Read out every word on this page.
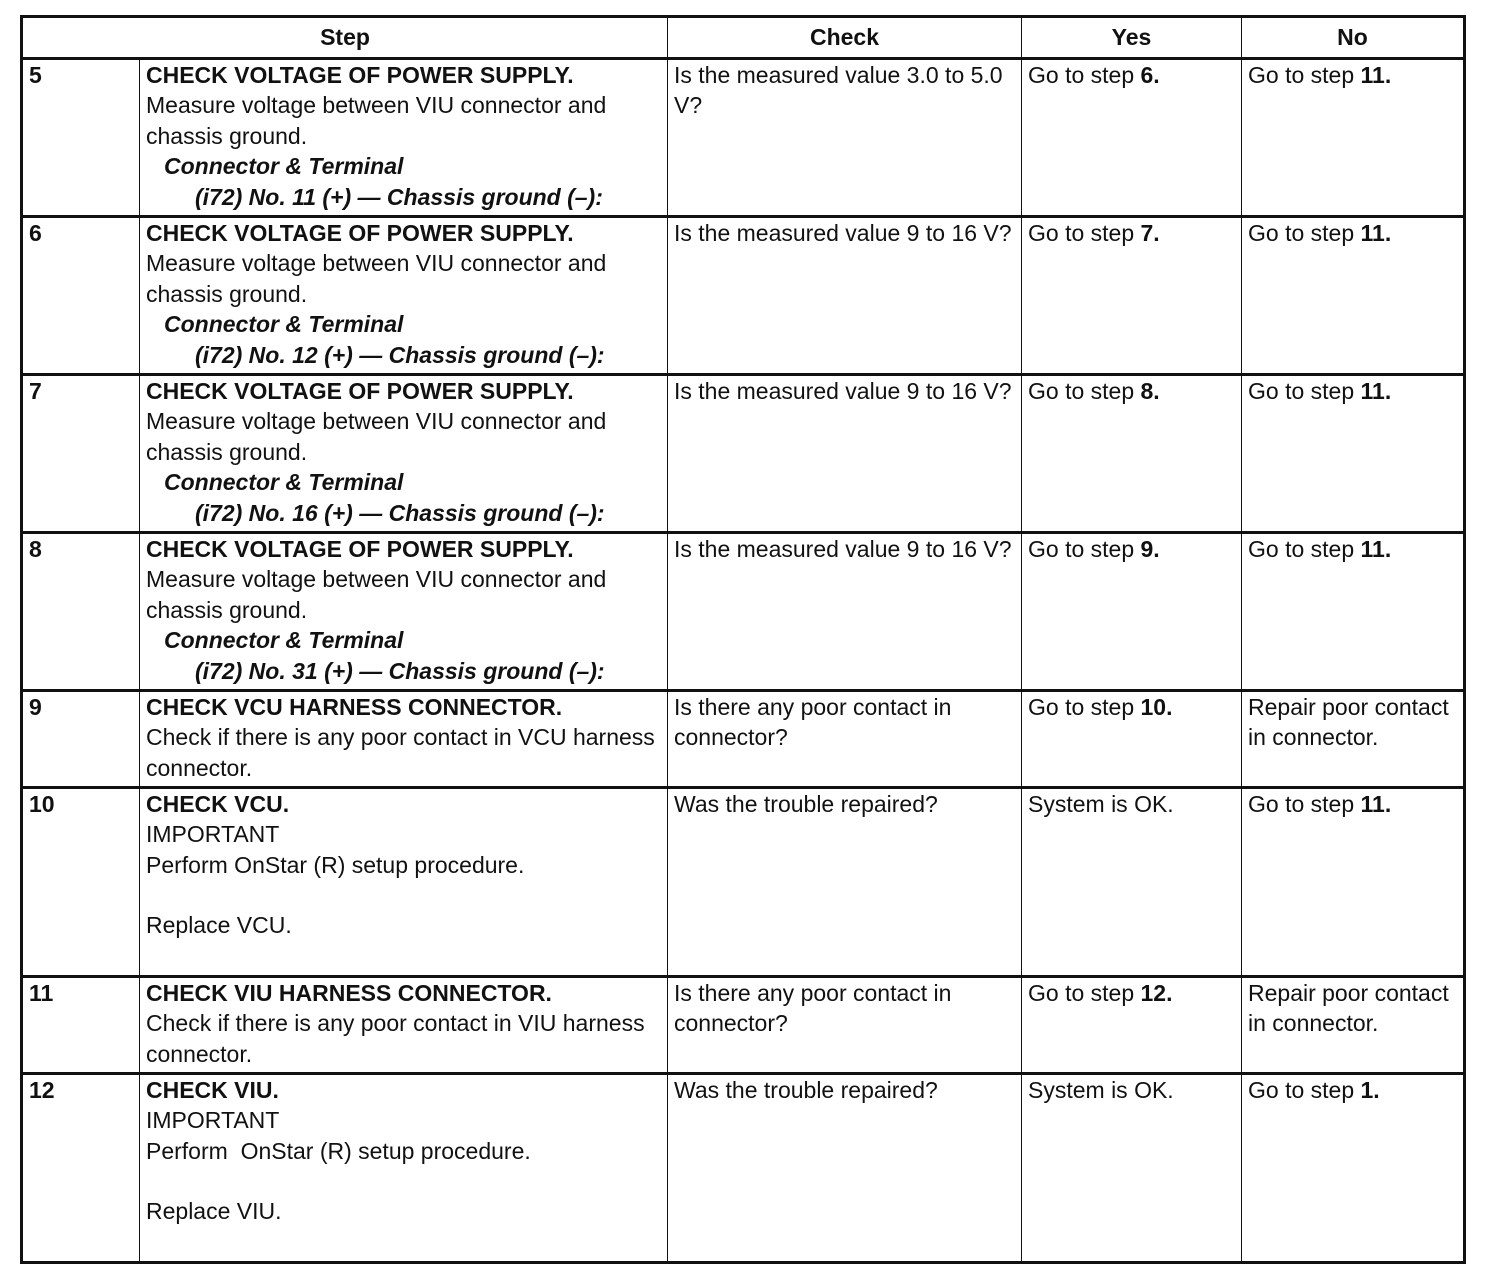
Step		Check	Yes	No
5	CHECK VOLTAGE OF POWER SUPPLY.
Measure voltage between VIU connector and chassis ground.
Connector & Terminal
(i72) No. 11 (+) — Chassis ground (–):	Is the measured value 3.0 to 5.0 V?	Go to step 6.	Go to step 11.
6	CHECK VOLTAGE OF POWER SUPPLY.
Measure voltage between VIU connector and chassis ground.
Connector & Terminal
(i72) No. 12 (+) — Chassis ground (–):	Is the measured value 9 to 16 V?	Go to step 7.	Go to step 11.
7	CHECK VOLTAGE OF POWER SUPPLY.
Measure voltage between VIU connector and chassis ground.
Connector & Terminal
(i72) No. 16 (+) — Chassis ground (–):	Is the measured value 9 to 16 V?	Go to step 8.	Go to step 11.
8	CHECK VOLTAGE OF POWER SUPPLY.
Measure voltage between VIU connector and chassis ground.
Connector & Terminal
(i72) No. 31 (+) — Chassis ground (–):	Is the measured value 9 to 16 V?	Go to step 9.	Go to step 11.
9	CHECK VCU HARNESS CONNECTOR.
Check if there is any poor contact in VCU harness connector.	Is there any poor contact in connector?	Go to step 10.	Repair poor contact in connector.
10	CHECK VCU.
IMPORTANT
Perform OnStar (R) setup procedure.
Replace VCU.	Was the trouble repaired?	System is OK.	Go to step 11.
11	CHECK VIU HARNESS CONNECTOR.
Check if there is any poor contact in VIU harness connector.	Is there any poor contact in connector?	Go to step 12.	Repair poor contact in connector.
12	CHECK VIU.
IMPORTANT
Perform  OnStar (R) setup procedure.
Replace VIU.	Was the trouble repaired?	System is OK.	Go to step 1.
